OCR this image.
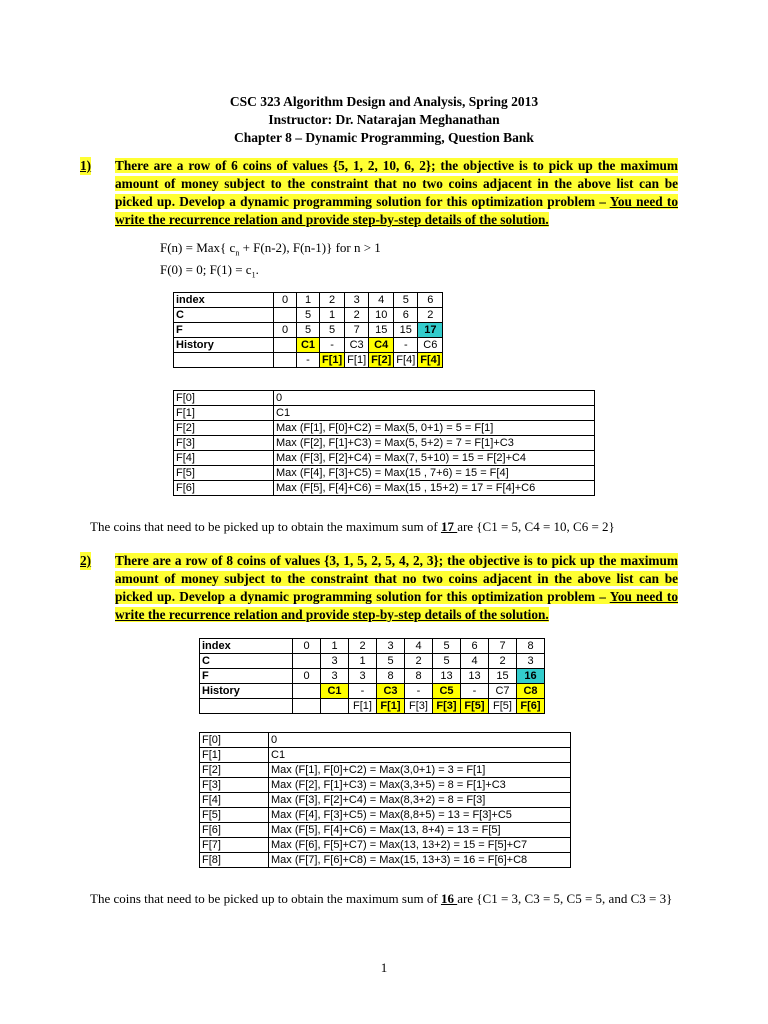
CSC 323 Algorithm Design and Analysis, Spring 2013
Instructor: Dr. Natarajan Meghanathan
Chapter 8 – Dynamic Programming, Question Bank
1) There are a row of 6 coins of values {5, 1, 2, 10, 6, 2}; the objective is to pick up the maximum amount of money subject to the constraint that no two coins adjacent in the above list can be picked up. Develop a dynamic programming solution for this optimization problem – You need to write the recurrence relation and provide step-by-step details of the solution.
F(n) = Max{ $c_n + F(n-2)$, F(n-1)} for n > 1
F(0) = 0; $F(1) = c_1$.
index	0	1	2	3	4	5	6
C		5	1	2	10	6	2
F	0	5	5	7	15	15	17
History		C1	-	C3	C4	-	C6
		-	F[1]	F[1]	F[2]	F[4]	F[4]
F[0]	0
F[1]	C1
F[2]	Max (F[1], F[0]+C2) = Max(5, 0+1) = 5 = F[1]
F[3]	Max (F[2], F[1]+C3) = Max(5, 5+2) = 7 = F[1]+C3
F[4]	Max (F[3], F[2]+C4) = Max(7, 5+10) = 15 = F[2]+C4
F[5]	Max (F[4], F[3]+C5) = Max(15 , 7+6) = 15 = F[4]
F[6]	Max (F[5], F[4]+C6) = Max(15 , 15+2) = 17 = F[4]+C6
The coins that need to be picked up to obtain the maximum sum of 17 are {C1 = 5, C4 = 10, C6 = 2}
2) There are a row of 8 coins of values {3, 1, 5, 2, 5, 4, 2, 3}; the objective is to pick up the maximum amount of money subject to the constraint that no two coins adjacent in the above list can be picked up. Develop a dynamic programming solution for this optimization problem – You need to write the recurrence relation and provide step-by-step details of the solution.
index	0	1	2	3	4	5	6	7	8
C		3	1	5	2	5	4	2	3
F	0	3	3	8	8	13	13	15	16
History		C1	-	C3	-	C5	-	C7	C8
			F[1]	F[1]	F[3]	F[3]	F[5]	F[5]	F[6]
F[0]	0
F[1]	C1
F[2]	Max (F[1], F[0]+C2) = Max(3,0+1) = 3 = F[1]
F[3]	Max (F[2], F[1]+C3) = Max(3,3+5) = 8 = F[1]+C3
F[4]	Max (F[3], F[2]+C4) = Max(8,3+2) = 8 = F[3]
F[5]	Max (F[4], F[3]+C5) = Max(8,8+5) = 13 = F[3]+C5
F[6]	Max (F[5], F[4]+C6) = Max(13, 8+4) = 13 = F[5]
F[7]	Max (F[6], F[5]+C7) = Max(13, 13+2) = 15 = F[5]+C7
F[8]	Max (F[7], F[6]+C8) = Max(15, 13+3) = 16 = F[6]+C8
The coins that need to be picked up to obtain the maximum sum of 16 are {C1 = 3, C3 = 5, C5 = 5, and C3 = 3}
1
